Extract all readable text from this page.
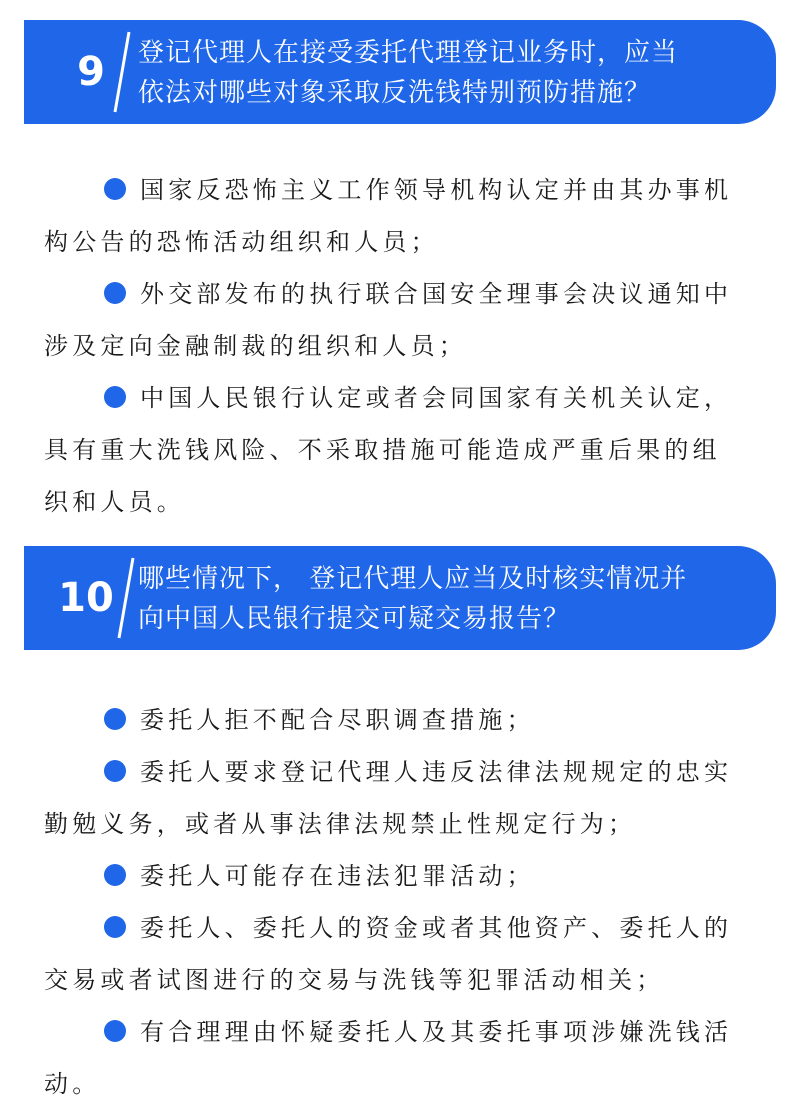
9	登记代理人在接受委托代理登记业务时，应当
依法对哪些对象采取反洗钱特别预防措施？
国家反恐怖主义工作领导机构认定并由其办事机构公告的恐怖活动组织和人员；
外交部发布的执行联合国安全理事会决议通知中涉及定向金融制裁的组织和人员；
中国人民银行认定或者会同国家有关机关认定，具有重大洗钱风险、不采取措施可能造成严重后果的组织和人员。
10 哪些情况下， 登记代理人应当及时核实情况并
向中国人民银行提交可疑交易报告？
委托人拒不配合尽职调查措施；
委托人要求登记代理人违反法律法规规定的忠实勤勉义务，或者从事法律法规禁止性规定行为；
委托人可能存在违法犯罪活动；
委托人、委托人的资金或者其他资产、委托人的交易或者试图进行的交易与洗钱等犯罪活动相关；
有合理理由怀疑委托人及其委托事项涉嫌洗钱活动。
